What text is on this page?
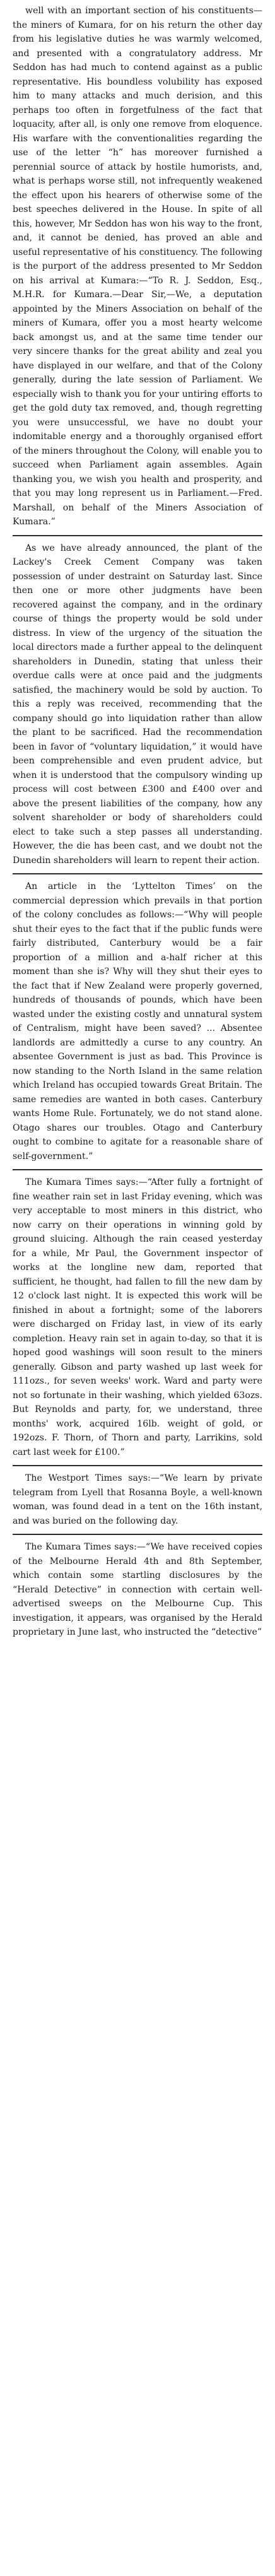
well with an important section of his constituents—the miners of Kumara, for on his return the other day from his legislative duties he was warmly welcomed, and presented with a congratulatory address. Mr Seddon has had much to contend against as a public representative. His boundless volubility has exposed him to many attacks and much derision, and this perhaps too often in forgetfulness of the fact that loquacity, after all, is only one remove from eloquence. His warfare with the conventionalities regarding the use of the letter “h” has moreover furnished a perennial source of attack by hostile humorists, and, what is perhaps worse still, not infrequently weakened the effect upon his hearers of otherwise some of the best speeches delivered in the House. In spite of all this, however, Mr Seddon has won his way to the front, and, it cannot be denied, has proved an able and useful representative of his constituency. The following is the purport of the address presented to Mr Seddon on his arrival at Kumara:—“To R. J. Seddon, Esq., M.H.R. for Kumara.—Dear Sir,—We, a deputation appointed by the Miners Association on behalf of the miners of Kumara, offer you a most hearty welcome back amongst us, and at the same time tender our very sincere thanks for the great ability and zeal you have displayed in our welfare, and that of the Colony generally, during the late session of Parliament. We especially wish to thank you for your untiring efforts to get the gold duty tax removed, and, though regretting you were unsuccessful, we have no doubt your indomitable energy and a thoroughly organised effort of the miners throughout the Colony, will enable you to succeed when Parliament again assembles. Again thanking you, we wish you health and prosperity, and that you may long represent us in Parliament.—Fred. Marshall, on behalf of the Miners Association of Kumara.”

As we have already announced, the plant of the Lackey's Creek Cement Company was taken possession of under destraint on Saturday last. Since then one or more other judgments have been recovered against the company, and in the ordinary course of things the property would be sold under distress. In view of the urgency of the situation the local directors made a further appeal to the delinquent shareholders in Dunedin, stating that unless their overdue calls were at once paid and the judgments satisfied, the machinery would be sold by auction. To this a reply was received, recommending that the company should go into liquidation rather than allow the plant to be sacrificed. Had the recommendation been in favor of “voluntary liquidation,” it would have been comprehensible and even prudent advice, but when it is understood that the compulsory winding up process will cost between £300 and £400 over and above the present liabilities of the company, how any solvent shareholder or body of shareholders could elect to take such a step passes all understanding. However, the die has been cast, and we doubt not the Dunedin shareholders will learn to repent their action.

An article in the ‘Lyttelton Times’ on the commercial depression which prevails in that portion of the colony concludes as follows:—“Why will people shut their eyes to the fact that if the public funds were fairly distributed, Canterbury would be a fair proportion of a million and a-half richer at this moment than she is? Why will they shut their eyes to the fact that if New Zealand were properly governed, hundreds of thousands of pounds, which have been wasted under the existing costly and unnatural system of Centralism, might have been saved? ... Absentee landlords are admittedly a curse to any country. An absentee Government is just as bad. This Province is now standing to the North Island in the same relation which Ireland has occupied towards Great Britain. The same remedies are wanted in both cases. Canterbury wants Home Rule. Fortunately, we do not stand alone. Otago shares our troubles. Otago and Canterbury ought to combine to agitate for a reasonable share of self-government.”

The Kumara Times says:—“After fully a fortnight of fine weather rain set in last Friday evening, which was very acceptable to most miners in this district, who now carry on their operations in winning gold by ground sluicing. Although the rain ceased yesterday for a while, Mr Paul, the Government inspector of works at the longline new dam, reported that sufficient, he thought, had fallen to fill the new dam by 12 o'clock last night. It is expected this work will be finished in about a fortnight; some of the laborers were discharged on Friday last, in view of its early completion. Heavy rain set in again to-day, so that it is hoped good washings will soon result to the miners generally. Gibson and party washed up last week for 111ozs., for seven weeks' work. Ward and party were not so fortunate in their washing, which yielded 63ozs. But Reynolds and party, for, we understand, three months' work, acquired 16lb. weight of gold, or 192ozs. F. Thorn, of Thorn and party, Larrikins, sold cart last week for £100.”

The Westport Times says:—“We learn by private telegram from Lyell that Rosanna Boyle, a well-known woman, was found dead in a tent on the 16th instant, and was buried on the following day.

The Kumara Times says:—“We have received copies of the Melbourne Herald 4th and 8th September, which contain some startling disclosures by the “Herald Detective” in connection with certain well-advertised sweeps on the Melbourne Cup. This investigation, it appears, was organised by the Herald proprietary in June last, who instructed the “detective”
